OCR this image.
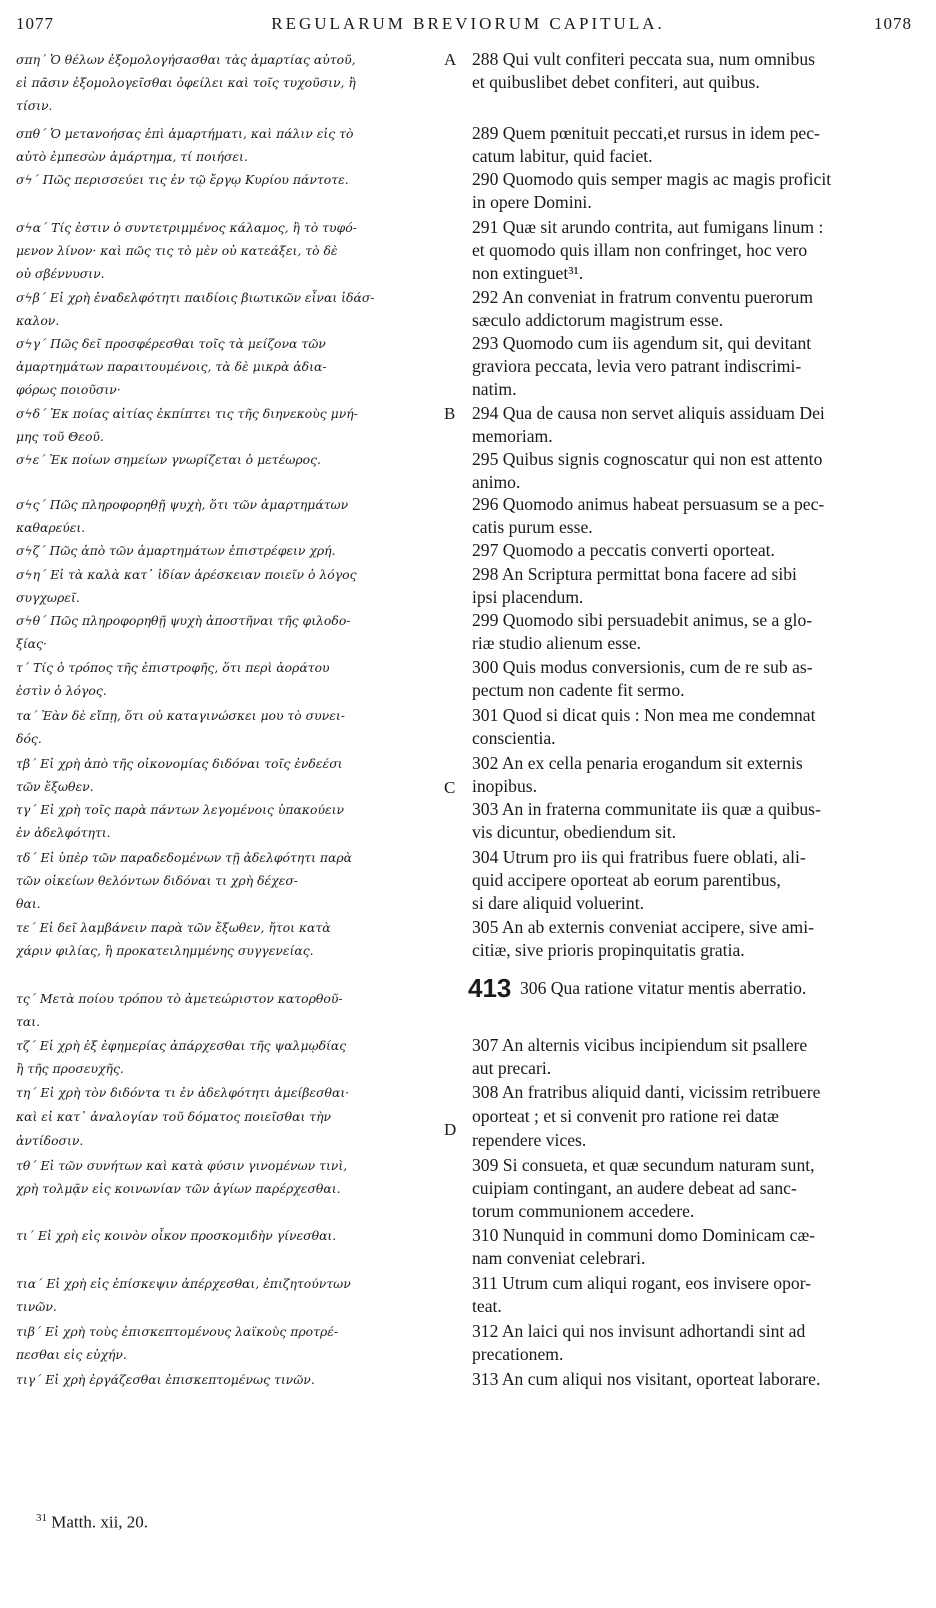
1077	REGULARUM BREVIORUM CAPITULA.	1078
σπη΄ Ὁ θέλων ἐξομολογήσασθαι τὰς ἁμαρτίας αὐτοῦ,
εἰ πᾶσιν ἐξομολογεῖσθαι ὀφείλει καὶ τοῖς τυχοῦσιν, ἢ
τίσιν.
σπθ΄ Ὁ μετανοήσας ἐπὶ ἁμαρτήματι, καὶ πάλιν εἰς τὸ
αὐτὸ ἐμπεσὼν ἁμάρτημα, τί ποιήσει.
σϟ΄ Πῶς περισσεύει τις ἐν τῷ ἔργῳ Κυρίου πάντοτε.
σϟα΄ Τίς ἐστιν ὁ συντετριμμένος κάλαμος, ἢ τὸ τυφό-
μενον λίνον· καὶ πῶς τις τὸ μὲν οὐ κατεάξει, τὸ δὲ
οὐ σβέννυσιν.
σϟβ΄ Εἰ χρὴ ἐναδελφότητι παιδίοις βιωτικῶν εἶναι ἰδάσ-
καλον.
σϟγ΄ Πῶς δεῖ προσφέρεσθαι τοῖς τὰ μείζονα τῶν
ἁμαρτημάτων παραιτουμένοις, τὰ δὲ μικρὰ ἀδια-
φόρως ποιοῦσιν·
σϟδ΄ Ἐκ ποίας αἰτίας ἐκπίπτει τις τῆς διηνεκοὺς μνή-
μης τοῦ Θεοῦ.
σϟε΄ Ἐκ ποίων σημείων γνωρίζεται ὁ μετέωρος.
σϟς΄ Πῶς πληροφορηθῇ ψυχὴ, ὅτι τῶν ἁμαρτημάτων
καθαρεύει.
σϟζ΄ Πῶς ἀπὸ τῶν ἁμαρτημάτων ἐπιστρέφειν χρή.
σϟη΄ Εἰ τὰ καλὰ κατ᾽ ἰδίαν ἀρέσκειαν ποιεῖν ὁ λόγος
συγχωρεῖ.
σϟθ΄ Πῶς πληροφορηθῇ ψυχὴ ἀποστῆναι τῆς φιλοδο-
ξίας·
τ΄ Τίς ὁ τρόπος τῆς ἐπιστροφῆς, ὅτι περὶ ἀοράτου
ἐστὶν ὁ λόγος.
τα΄ Ἐὰν δὲ εἴπῃ, ὅτι οὐ καταγινώσκει μου τὸ συνει-
δός.
τβ΄ Εἰ χρὴ ἀπὸ τῆς οἰκονομίας διδόναι τοῖς ἐνδεέσι
τῶν ἔξωθεν.
τγ΄ Εἰ χρὴ τοῖς παρὰ πάντων λεγομένοις ὑπακούειν
ἐν ἀδελφότητι.
τδ΄ Εἰ ὑπὲρ τῶν παραδεδομένων τῇ ἀδελφότητι παρὰ
τῶν οἰκείων θελόντων διδόναι τι χρὴ δέχεσ-
θαι.
τε΄ Εἰ δεῖ λαμβάνειν παρὰ τῶν ἔξωθεν, ἤτοι κατὰ
χάριν φιλίας, ἢ προκατειλημμένης συγγενείας.
τς΄ Μετὰ ποίου τρόπου τὸ ἀμετεώριστον κατορθοῦ-
ται.
τζ΄ Εἰ χρὴ ἐξ ἐφημερίας ἀπάρχεσθαι τῆς ψαλμῳδίας
ἢ τῆς προσευχῆς.
τη΄ Εἰ χρὴ τὸν διδόντα τι ἐν ἀδελφότητι ἀμείβεσθαι·
καὶ εἰ κατ᾽ ἀναλογίαν τοῦ δόματος ποιεῖσθαι τὴν
ἀντίδοσιν.
τθ΄ Εἰ τῶν συνήτων καὶ κατὰ φύσιν γινομένων τινὶ,
χρὴ τολμᾷν εἰς κοινωνίαν τῶν ἁγίων παρέρχεσθαι.
τι΄ Εἰ χρὴ εἰς κοινὸν οἶκον προσκομιδὴν γίνεσθαι.
τια΄ Εἰ χρὴ εἰς ἐπίσκεψιν ἀπέρχεσθαι, ἐπιζητούντων
τινῶν.
τιβ΄ Εἰ χρὴ τοὺς ἐπισκεπτομένους λαϊκοὺς προτρέ-
πεσθαι εἰς εὐχήν.
τιγ΄ Εἰ χρὴ ἐργάζεσθαι ἐπισκεπτομένως τινῶν.
A
B
C
D
288 Qui vult confiteri peccata sua, num omnibus
et quibuslibet debet confiteri, aut quibus.
289 Quem pœnituit peccati,et rursus in idem pec-
catum labitur, quid faciet.
290 Quomodo quis semper magis ac magis proficit
in opere Domini.
291 Quæ sit arundo contrita, aut fumigans linum :
et quomodo quis illam non confringet, hoc vero
non extinguet³¹.
292 An conveniat in fratrum conventu puerorum
sæculo addictorum magistrum esse.
293 Quomodo cum iis agendum sit, qui devitant
graviora peccata, levia vero patrant indiscrimi-
natim.
294 Qua de causa non servet aliquis assiduam Dei
memoriam.
295 Quibus signis cognoscatur qui non est attento
animo.
296 Quomodo animus habeat persuasum se a pec-
catis purum esse.
297 Quomodo a peccatis converti oporteat.
298 An Scriptura permittat bona facere ad sibi
ipsi placendum.
299 Quomodo sibi persuadebit animus, se a glo-
riæ studio alienum esse.
300 Quis modus conversionis, cum de re sub as-
pectum non cadente fit sermo.
301 Quod si dicat quis : Non mea me condemnat
conscientia.
302 An ex cella penaria erogandum sit externis
inopibus.
303 An in fraterna communitate iis quæ a quibus-
vis dicuntur, obediendum sit.
304 Utrum pro iis qui fratribus fuere oblati, ali-
quid accipere oporteat ab eorum parentibus,
si dare aliquid voluerint.
305 An ab externis conveniat accipere, sive ami-
citiæ, sive prioris propinquitatis gratia.
306 Qua ratione vitatur mentis aberratio.
307 An alternis vicibus incipiendum sit psallere
aut precari.
308 An fratribus aliquid danti, vicissim retribuere
oporteat ; et si convenit pro ratione rei datæ
rependere vices.
309 Si consueta, et quæ secundum naturam sunt,
cuipiam contingant, an audere debeat ad sanc-
torum communionem accedere.
310 Nunquid in communi domo Dominicam cæ-
nam conveniat celebrari.
311 Utrum cum aliqui rogant, eos invisere opor-
teat.
312 An laici qui nos invisunt adhortandi sint ad
precationem.
313 An cum aliqui nos visitant, oporteat laborare.
413
$^{31}$ Matth. xii, 20.
